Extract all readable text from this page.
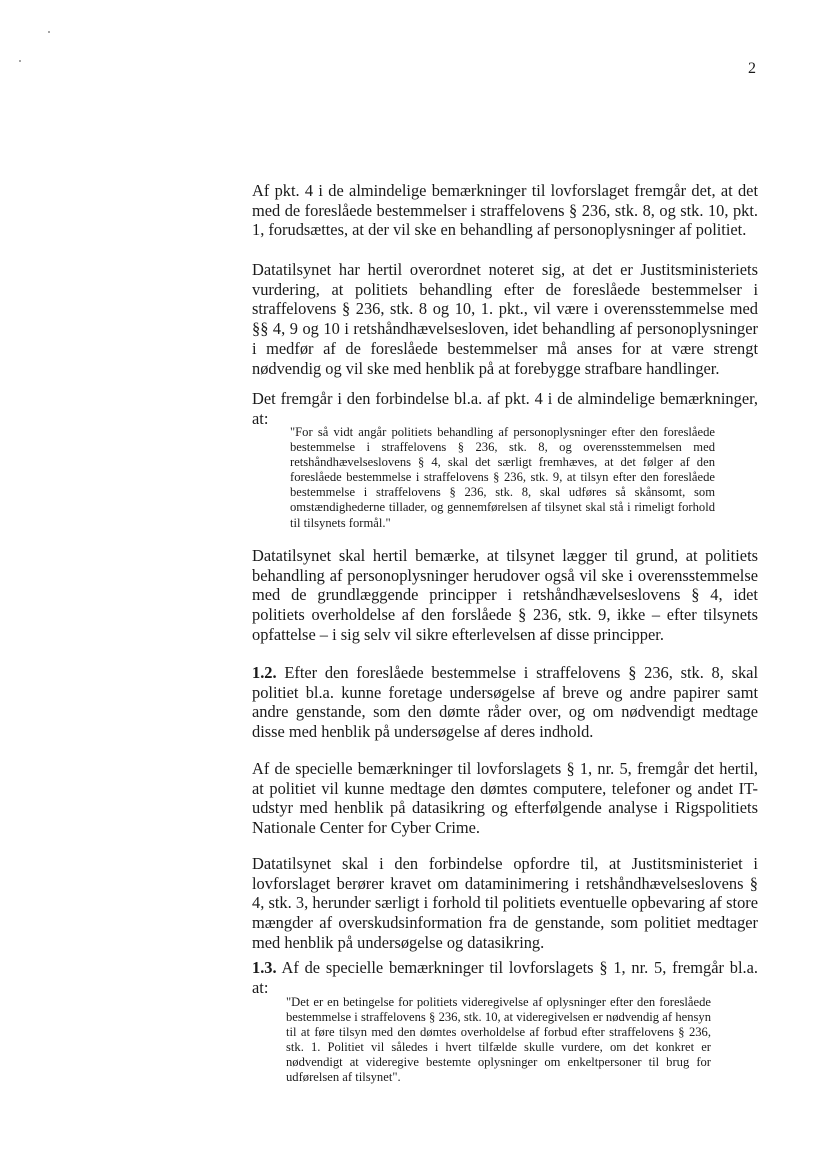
2

Af pkt. 4 i de almindelige bemærkninger til lovforslaget fremgår det, at det med de foreslåede bestemmelser i straffelovens § 236, stk. 8, og stk. 10, pkt. 1, forudsættes, at der vil ske en behandling af personoplysninger af politiet.

Datatilsynet har hertil overordnet noteret sig, at det er Justitsministeriets vurdering, at politiets behandling efter de foreslåede bestemmelser i straffelovens § 236, stk. 8 og 10, 1. pkt., vil være i overensstemmelse med §§ 4, 9 og 10 i retshåndhævelsesloven, idet behandling af personoplysninger i medfør af de foreslåede bestemmelser må anses for at være strengt nødvendig og vil ske med henblik på at forebygge strafbare handlinger.

Det fremgår i den forbindelse bl.a. af pkt. 4 i de almindelige bemærkninger, at:

"For så vidt angår politiets behandling af personoplysninger efter den foreslåede bestemmelse i straffelovens § 236, stk. 8, og overensstemmelsen med retshåndhævelseslovens § 4, skal det særligt fremhæves, at det følger af den foreslåede bestemmelse i straffelovens § 236, stk. 9, at tilsyn efter den foreslåede bestemmelse i straffelovens § 236, stk. 8, skal udføres så skånsomt, som omstændighederne tillader, og gennemførelsen af tilsynet skal stå i rimeligt forhold til tilsynets formål."

Datatilsynet skal hertil bemærke, at tilsynet lægger til grund, at politiets behandling af personoplysninger herudover også vil ske i overensstemmelse med de grundlæggende principper i retshåndhævelseslovens § 4, idet politiets overholdelse af den forslåede § 236, stk. 9, ikke – efter tilsynets opfattelse – i sig selv vil sikre efterlevelsen af disse principper.

1.2. Efter den foreslåede bestemmelse i straffelovens § 236, stk. 8, skal politiet bl.a. kunne foretage undersøgelse af breve og andre papirer samt andre genstande, som den dømte råder over, og om nødvendigt medtage disse med henblik på undersøgelse af deres indhold.

Af de specielle bemærkninger til lovforslagets § 1, nr. 5, fremgår det hertil, at politiet vil kunne medtage den dømtes computere, telefoner og andet IT-udstyr med henblik på datasikring og efterfølgende analyse i Rigspolitiets Nationale Center for Cyber Crime.

Datatilsynet skal i den forbindelse opfordre til, at Justitsministeriet i lovforslaget berører kravet om dataminimering i retshåndhævelseslovens § 4, stk. 3, herunder særligt i forhold til politiets eventuelle opbevaring af store mængder af overskudsinformation fra de genstande, som politiet medtager med henblik på undersøgelse og datasikring.

1.3. Af de specielle bemærkninger til lovforslagets § 1, nr. 5, fremgår bl.a. at:

"Det er en betingelse for politiets videregivelse af oplysninger efter den foreslåede bestemmelse i straffelovens § 236, stk. 10, at videregivelsen er nødvendig af hensyn til at føre tilsyn med den dømtes overholdelse af forbud efter straffelovens § 236, stk. 1. Politiet vil således i hvert tilfælde skulle vurdere, om det konkret er nødvendigt at videregive bestemte oplysninger om enkeltpersoner til brug for udførelsen af tilsynet".
